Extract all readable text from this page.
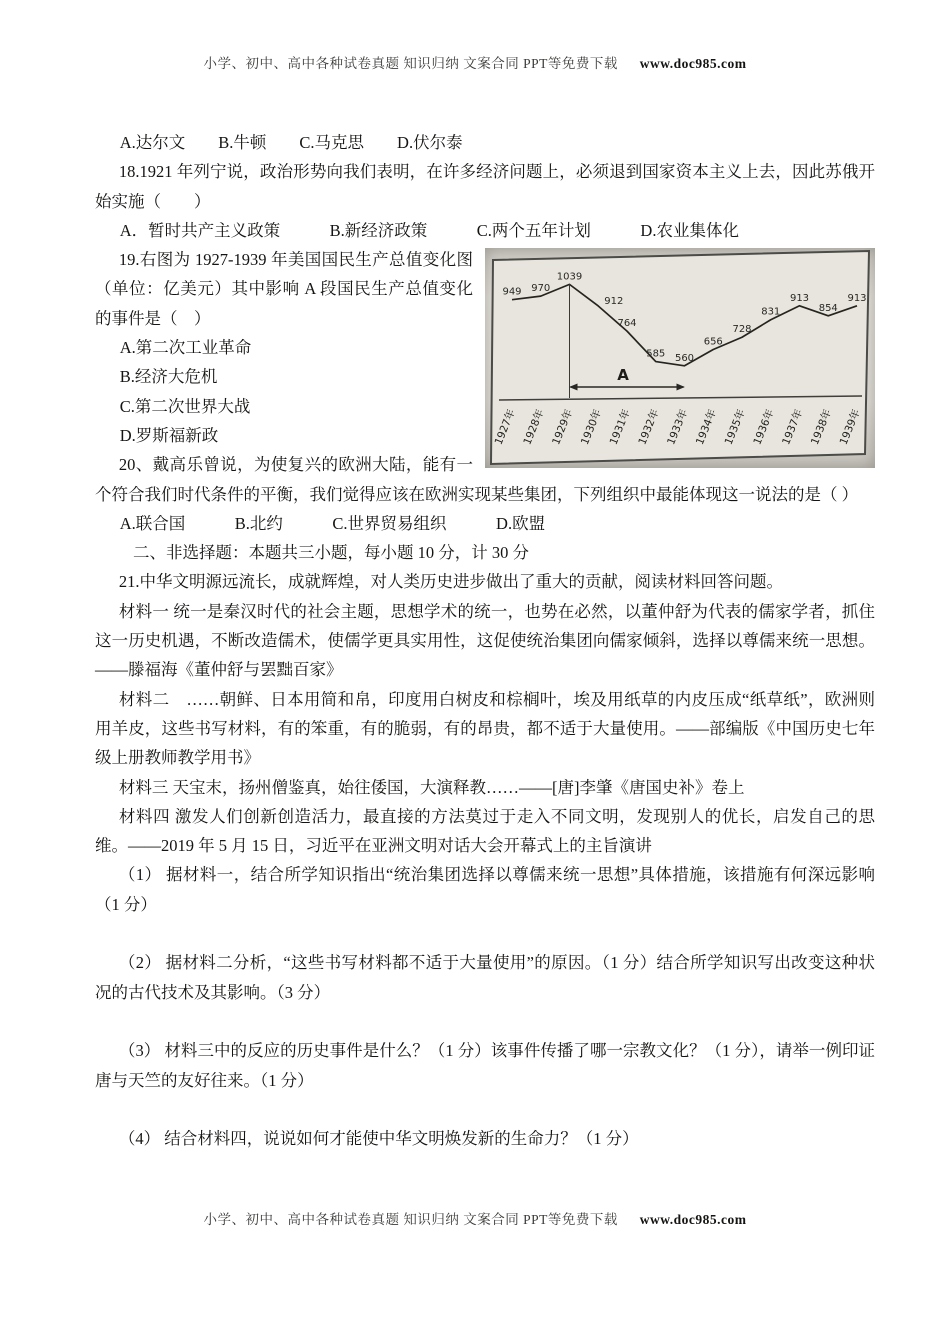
小学、初中、高中各种试卷真题 知识归纳 文案合同 PPT等免费下载 www.doc985.com

A.达尔文　　B.牛顿　　C.马克思　　D.伏尔泰

18.1921 年列宁说，政治形势向我们表明，在许多经济问题上，必须退到国家资本主义上去，因此苏俄开始实施（　　）

A．暂时共产主义政策　　　B.新经济政策　　　C.两个五年计划　　　D.农业集体化

949 970
1039
912
764
585 560
656
728
831
913
854
913
A
1927年 1928年 1929年 1930年 1931年 1932年 1933年 1934年 1935年 1936年 1937年 1938年 1939年

19.右图为 1927-1939 年美国国民生产总值变化图（单位：亿美元）其中影响 A 段国民生产总值变化的事件是（　）

A.第二次工业革命

B.经济大危机

C.第二次世界大战

D.罗斯福新政

20、戴高乐曾说，为使复兴的欧洲大陆，能有一个符合我们时代条件的平衡，我们觉得应该在欧洲实现某些集团，下列组织中最能体现这一说法的是（ ）

A.联合国　　　B.北约　　　C.世界贸易组织　　　D.欧盟

二、非选择题：本题共三小题，每小题 10 分，计 30 分

21.中华文明源远流长，成就辉煌，对人类历史进步做出了重大的贡献，阅读材料回答问题。

材料一 统一是秦汉时代的社会主题，思想学术的统一，也势在必然，以董仲舒为代表的儒家学者，抓住这一历史机遇，不断改造儒术，使儒学更具实用性，这促使统治集团向儒家倾斜，选择以尊儒来统一思想。——滕福海《董仲舒与罢黜百家》

材料二　……朝鲜、日本用简和帛，印度用白树皮和棕榈叶，埃及用纸草的内皮压成“纸草纸”，欧洲则用羊皮，这些书写材料，有的笨重，有的脆弱，有的昂贵，都不适于大量使用。——部编版《中国历史七年级上册教师教学用书》

材料三 天宝末，扬州僧鉴真，始往倭国，大演释教……——[唐]李肇《唐国史补》卷上

材料四 激发人们创新创造活力，最直接的方法莫过于走入不同文明，发现别人的优长，启发自己的思维。——2019 年 5 月 15 日，习近平在亚洲文明对话大会开幕式上的主旨演讲

（1） 据材料一，结合所学知识指出“统治集团选择以尊儒来统一思想”具体措施，该措施有何深远影响（1 分）

（2） 据材料二分析，“这些书写材料都不适于大量使用”的原因。（1 分）结合所学知识写出改变这种状况的古代技术及其影响。（3 分）

（3） 材料三中的反应的历史事件是什么？（1 分）该事件传播了哪一宗教文化？（1 分），请举一例印证唐与天竺的友好往来。（1 分）

（4） 结合材料四，说说如何才能使中华文明焕发新的生命力？（1 分）

小学、初中、高中各种试卷真题 知识归纳 文案合同 PPT等免费下载 www.doc985.com
